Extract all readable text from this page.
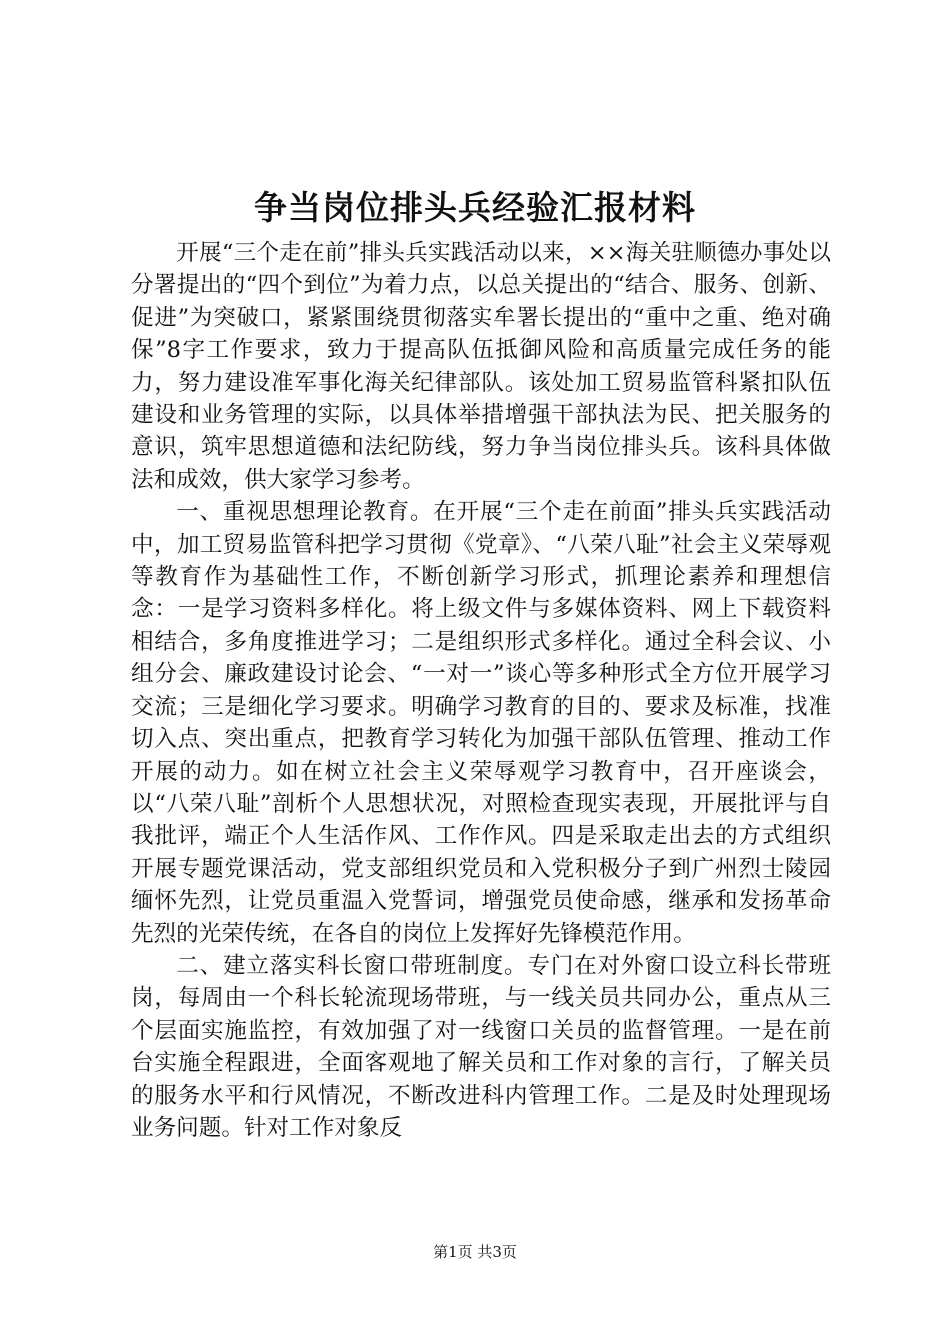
争当岗位排头兵经验汇报材料

开展“三个走在前”排头兵实践活动以来，××海关驻顺德办事处以分署提出的“四个到位”为着力点，以总关提出的“结合、服务、创新、促进”为突破口，紧紧围绕贯彻落实牟署长提出的“重中之重、绝对确保”8字工作要求，致力于提高队伍抵御风险和高质量完成任务的能力，努力建设准军事化海关纪律部队。该处加工贸易监管科紧扣队伍建设和业务管理的实际，以具体举措增强干部执法为民、把关服务的意识，筑牢思想道德和法纪防线，努力争当岗位排头兵。该科具体做法和成效，供大家学习参考。

一、重视思想理论教育。在开展“三个走在前面”排头兵实践活动中，加工贸易监管科把学习贯彻《党章》、“八荣八耻”社会主义荣辱观等教育作为基础性工作，不断创新学习形式，抓理论素养和理想信念：一是学习资料多样化。将上级文件与多媒体资料、网上下载资料相结合，多角度推进学习；二是组织形式多样化。通过全科会议、小组分会、廉政建设讨论会、“一对一”谈心等多种形式全方位开展学习交流；三是细化学习要求。明确学习教育的目的、要求及标准，找准切入点、突出重点，把教育学习转化为加强干部队伍管理、推动工作开展的动力。如在树立社会主义荣辱观学习教育中，召开座谈会，以“八荣八耻”剖析个人思想状况，对照检查现实表现，开展批评与自我批评，端正个人生活作风、工作作风。四是采取走出去的方式组织开展专题党课活动，党支部组织党员和入党积极分子到广州烈士陵园缅怀先烈，让党员重温入党誓词，增强党员使命感，继承和发扬革命先烈的光荣传统，在各自的岗位上发挥好先锋模范作用。

二、建立落实科长窗口带班制度。专门在对外窗口设立科长带班岗，每周由一个科长轮流现场带班，与一线关员共同办公，重点从三个层面实施监控，有效加强了对一线窗口关员的监督管理。一是在前台实施全程跟进，全面客观地了解关员和工作对象的言行，了解关员的服务水平和行风情况，不断改进科内管理工作。二是及时处理现场业务问题。针对工作对象反

第1页 共3页
